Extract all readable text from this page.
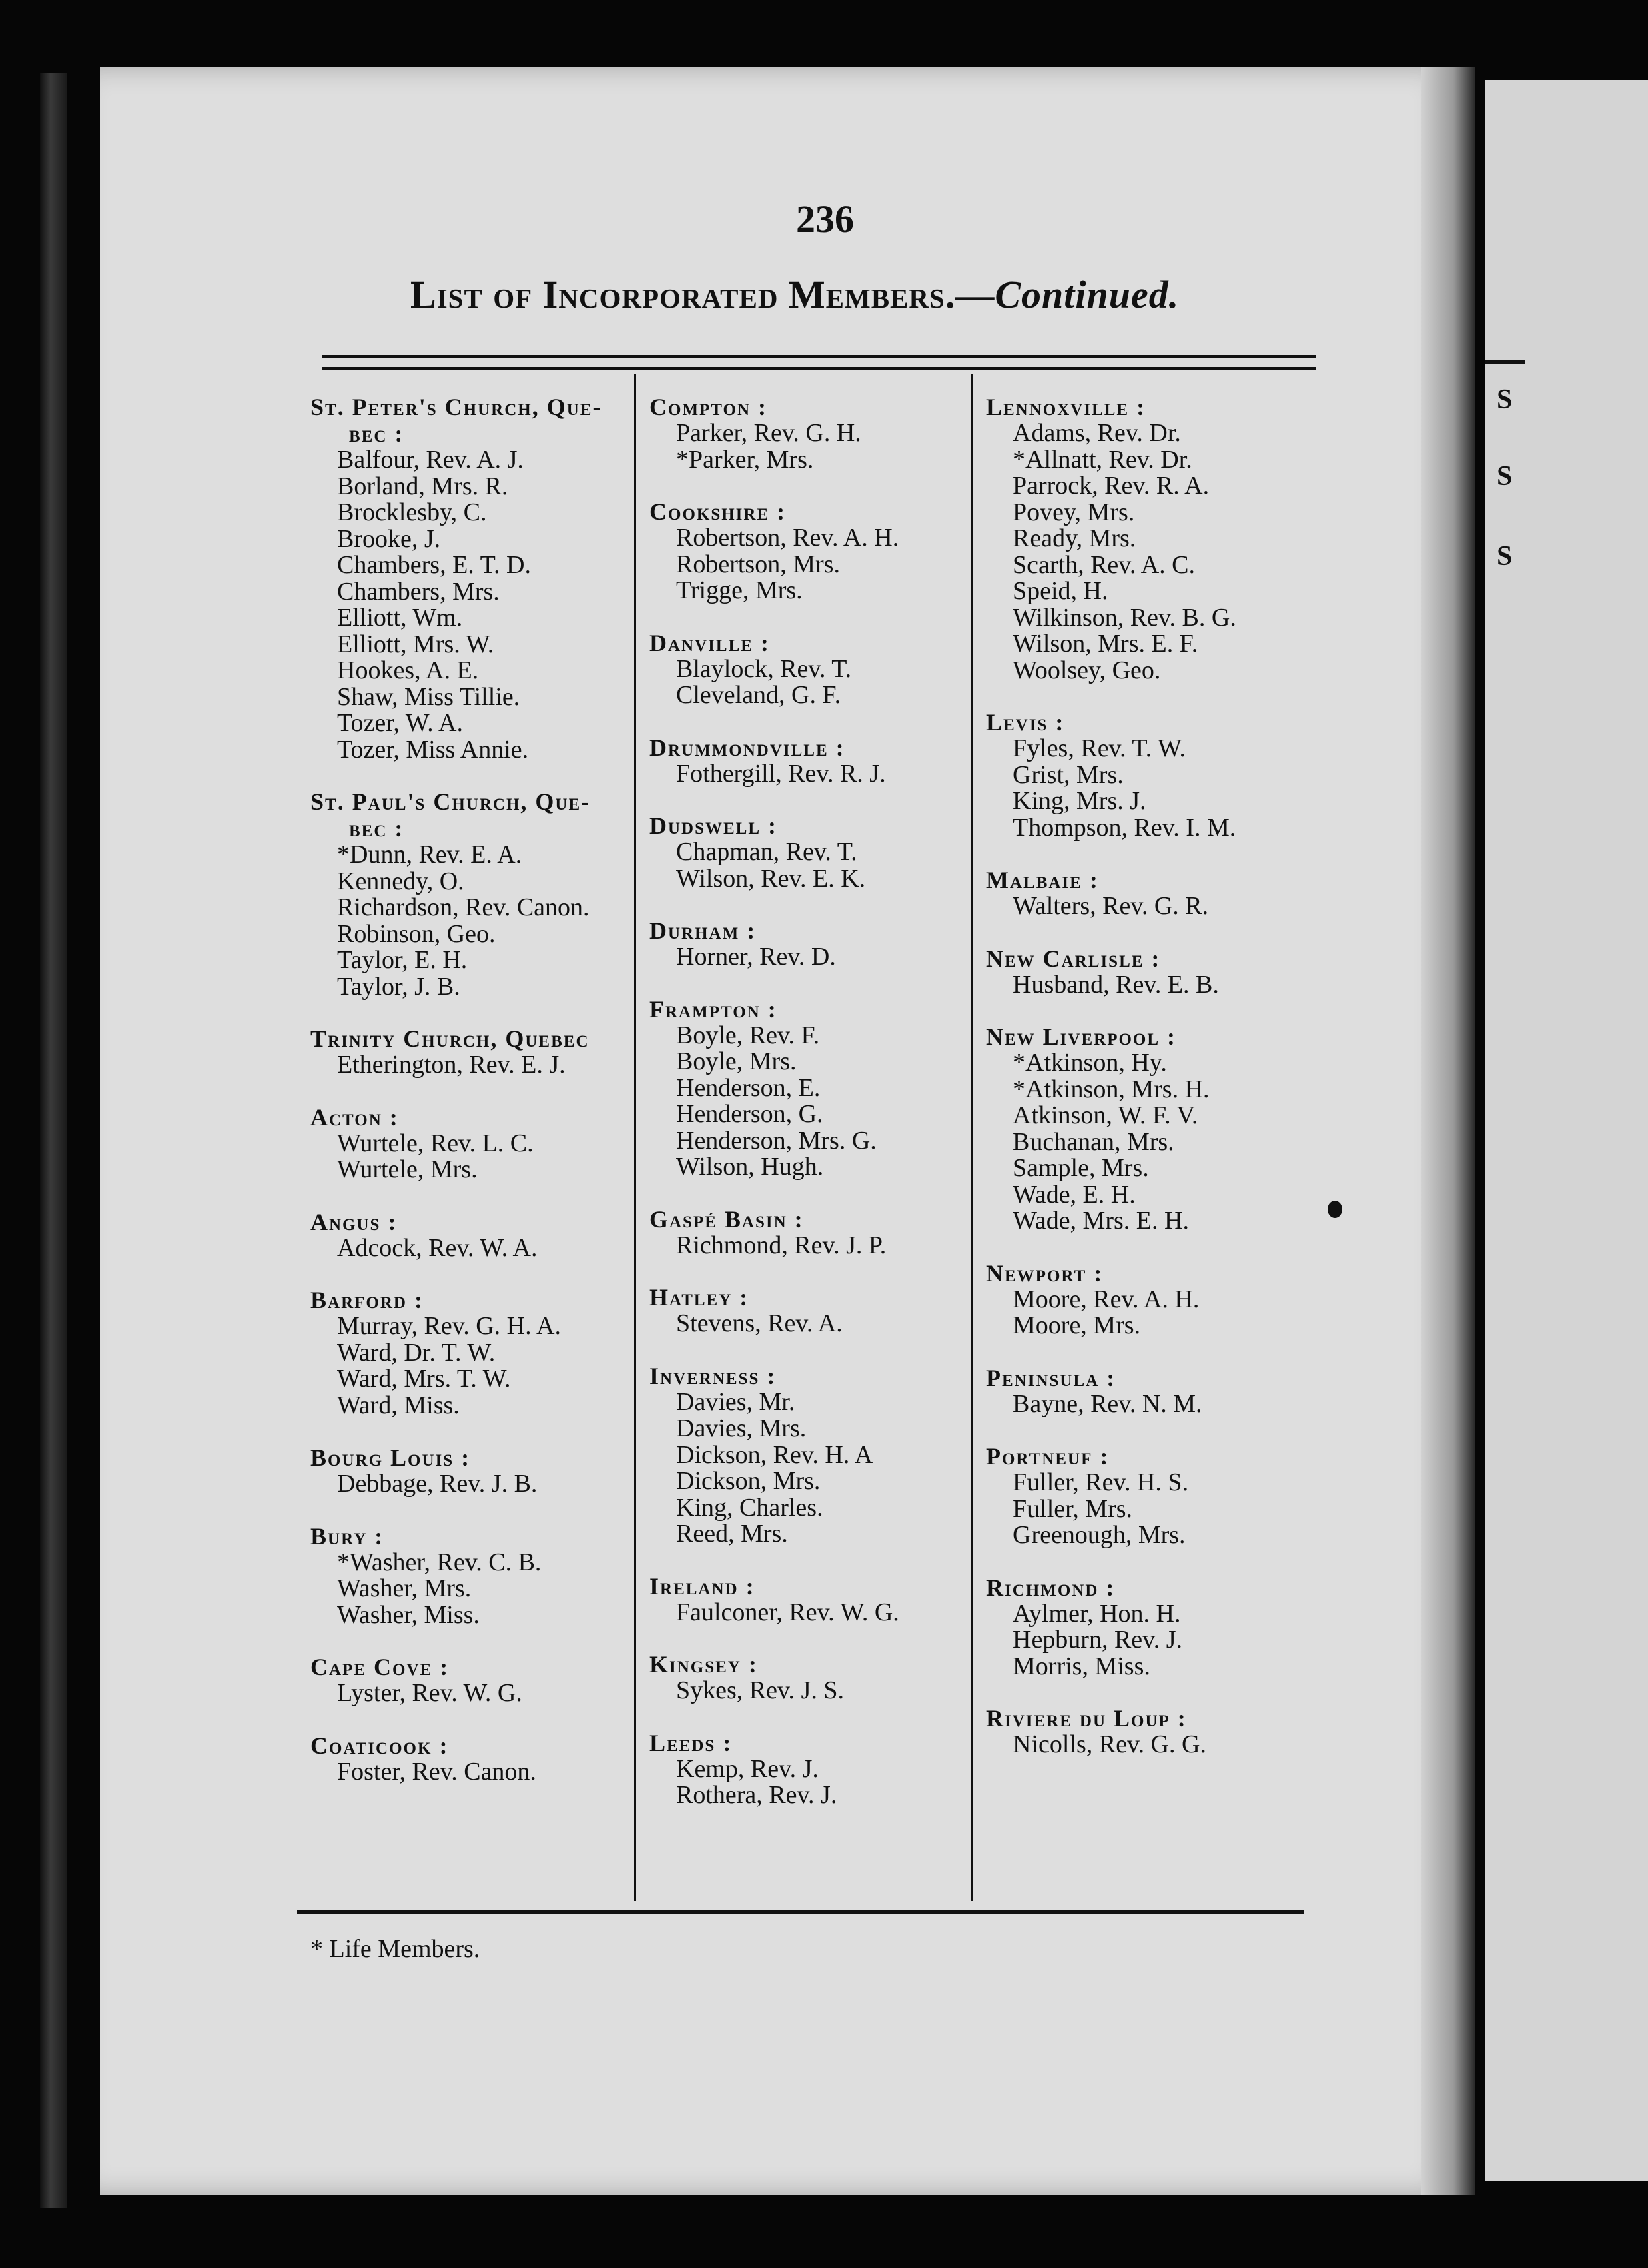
S
S
S
236
List of Incorporated Members.—Continued.
St. Peter's Church, Que-
bec :
Balfour, Rev. A. J.
Borland, Mrs. R.
Brocklesby, C.
Brooke, J.
Chambers, E. T. D.
Chambers, Mrs.
Elliott, Wm.
Elliott, Mrs. W.
Hookes, A. E.
Shaw, Miss Tillie.
Tozer, W. A.
Tozer, Miss Annie.
St. Paul's Church, Que-
bec :
*Dunn, Rev. E. A.
Kennedy, O.
Richardson, Rev. Canon.
Robinson, Geo.
Taylor, E. H.
Taylor, J. B.
Trinity Church, Quebec
Etherington, Rev. E. J.
Acton :
Wurtele, Rev. L. C.
Wurtele, Mrs.
Angus :
Adcock, Rev. W. A.
Barford :
Murray, Rev. G. H. A.
Ward, Dr. T. W.
Ward, Mrs. T. W.
Ward, Miss.
Bourg Louis :
Debbage, Rev. J. B.
Bury :
*Washer, Rev. C. B.
Washer, Mrs.
Washer, Miss.
Cape Cove :
Lyster, Rev. W. G.
Coaticook :
Foster, Rev. Canon.
Compton :
Parker, Rev. G. H.
*Parker, Mrs.
Cookshire :
Robertson, Rev. A. H.
Robertson, Mrs.
Trigge, Mrs.
Danville :
Blaylock, Rev. T.
Cleveland, G. F.
Drummondville :
Fothergill, Rev. R. J.
Dudswell :
Chapman, Rev. T.
Wilson, Rev. E. K.
Durham :
Horner, Rev. D.
Frampton :
Boyle, Rev. F.
Boyle, Mrs.
Henderson, E.
Henderson, G.
Henderson, Mrs. G.
Wilson, Hugh.
Gaspé Basin :
Richmond, Rev. J. P.
Hatley :
Stevens, Rev. A.
Inverness :
Davies, Mr.
Davies, Mrs.
Dickson, Rev. H. A
Dickson, Mrs.
King, Charles.
Reed, Mrs.
Ireland :
Faulconer, Rev. W. G.
Kingsey :
Sykes, Rev. J. S.
Leeds :
Kemp, Rev. J.
Rothera, Rev. J.
Lennoxville :
Adams, Rev. Dr.
*Allnatt, Rev. Dr.
Parrock, Rev. R. A.
Povey, Mrs.
Ready, Mrs.
Scarth, Rev. A. C.
Speid, H.
Wilkinson, Rev. B. G.
Wilson, Mrs. E. F.
Woolsey, Geo.
Levis :
Fyles, Rev. T. W.
Grist, Mrs.
King, Mrs. J.
Thompson, Rev. I. M.
Malbaie :
Walters, Rev. G. R.
New Carlisle :
Husband, Rev. E. B.
New Liverpool :
*Atkinson, Hy.
*Atkinson, Mrs. H.
Atkinson, W. F. V.
Buchanan, Mrs.
Sample, Mrs.
Wade, E. H.
Wade, Mrs. E. H.
Newport :
Moore, Rev. A. H.
Moore, Mrs.
Peninsula :
Bayne, Rev. N. M.
Portneuf :
Fuller, Rev. H. S.
Fuller, Mrs.
Greenough, Mrs.
Richmond :
Aylmer, Hon. H.
Hepburn, Rev. J.
Morris, Miss.
Riviere du Loup :
Nicolls, Rev. G. G.
* Life Members.
